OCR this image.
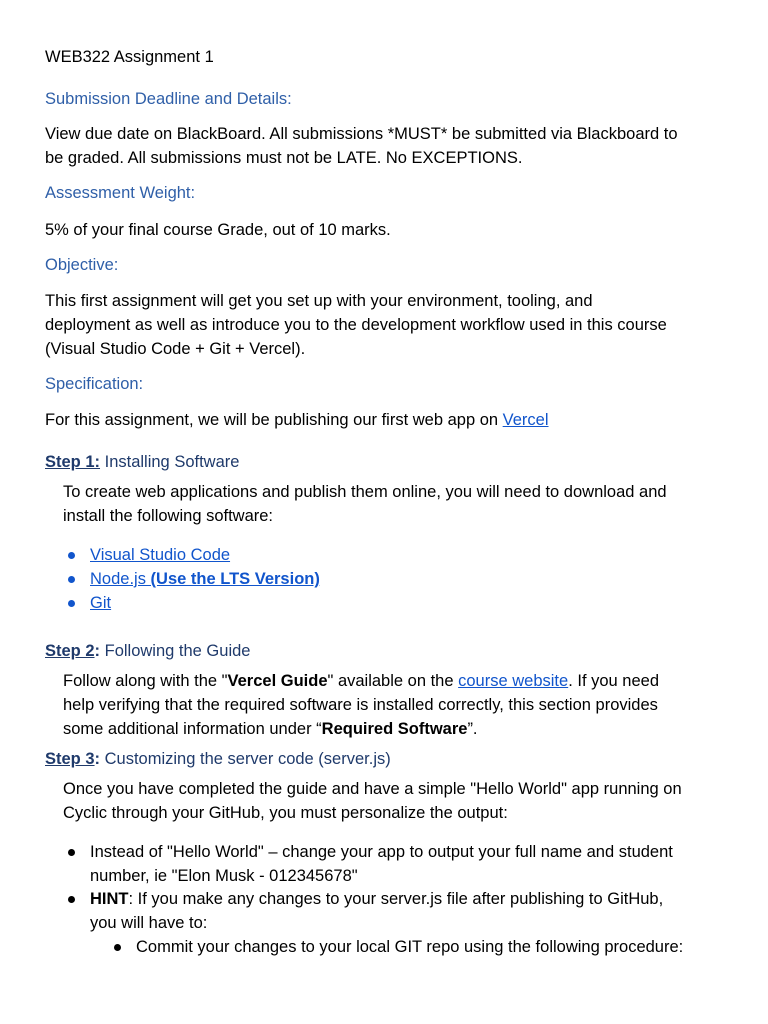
WEB322 Assignment 1
Submission Deadline and Details:
View due date on BlackBoard. All submissions *MUST* be submitted via Blackboard to
be graded. All submissions must not be LATE. No EXCEPTIONS.
Assessment Weight:
5% of your final course Grade, out of 10 marks.
Objective:
This first assignment will get you set up with your environment, tooling, and
deployment as well as introduce you to the development workflow used in this course
(Visual Studio Code + Git + Vercel).
Specification:
For this assignment, we will be publishing our first web app on Vercel
Step 1: Installing Software
To create web applications and publish them online, you will need to download and
install the following software:
Visual Studio Code
Node.js (Use the LTS Version)
Git
Step 2: Following the Guide
Follow along with the "Vercel Guide" available on the course website. If you need
help verifying that the required software is installed correctly, this section provides
some additional information under “Required Software”.
Step 3: Customizing the server code (server.js)
Once you have completed the guide and have a simple "Hello World" app running on
Cyclic through your GitHub, you must personalize the output:
Instead of "Hello World" – change your app to output your full name and student
number, ie "Elon Musk - 012345678"
HINT: If you make any changes to your server.js file after publishing to GitHub,
you will have to:
Commit your changes to your local GIT repo using the following procedure:
